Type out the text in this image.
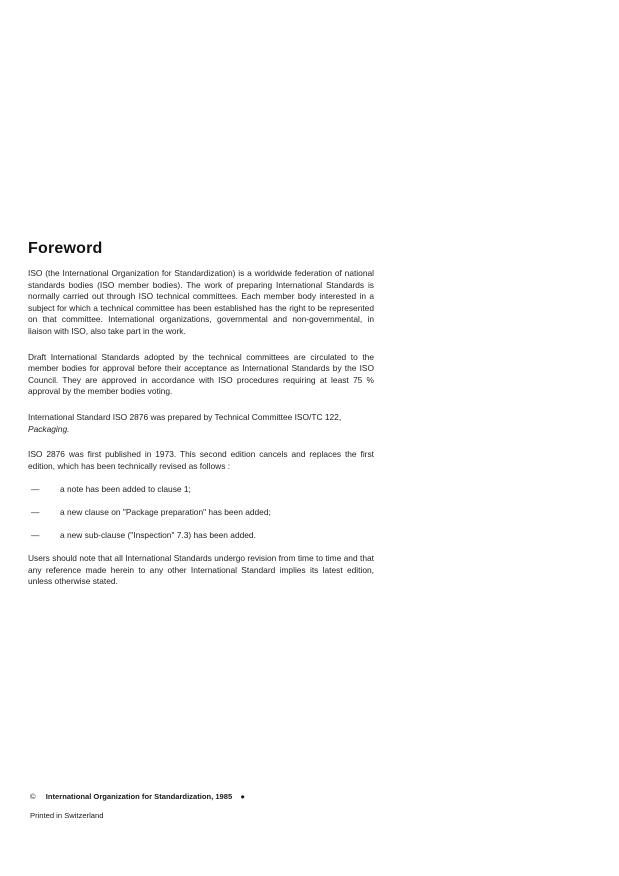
Foreword

ISO (the International Organization for Standardization) is a worldwide federation of national standards bodies (ISO member bodies). The work of preparing International Standards is normally carried out through ISO technical committees. Each member body interested in a subject for which a technical committee has been established has the right to be represented on that committee. International organizations, governmental and non-governmental, in liaison with ISO, also take part in the work.

Draft International Standards adopted by the technical committees are circulated to the member bodies for approval before their acceptance as International Standards by the ISO Council. They are approved in accordance with ISO procedures requiring at least 75 % approval by the member bodies voting.

International Standard ISO 2876 was prepared by Technical Committee ISO/TC 122,
Packaging.

ISO 2876 was first published in 1973. This second edition cancels and replaces the first edition, which has been technically revised as follows :

—	a note has been added to clause 1;
—	a new clause on "Package preparation" has been added;
—	a new sub-clause ("Inspection" 7.3) has been added.

Users should note that all International Standards undergo revision from time to time and that any reference made herein to any other International Standard implies its latest edition, unless otherwise stated.

© International Organization for Standardization, 1985 ●
Printed in Switzerland
